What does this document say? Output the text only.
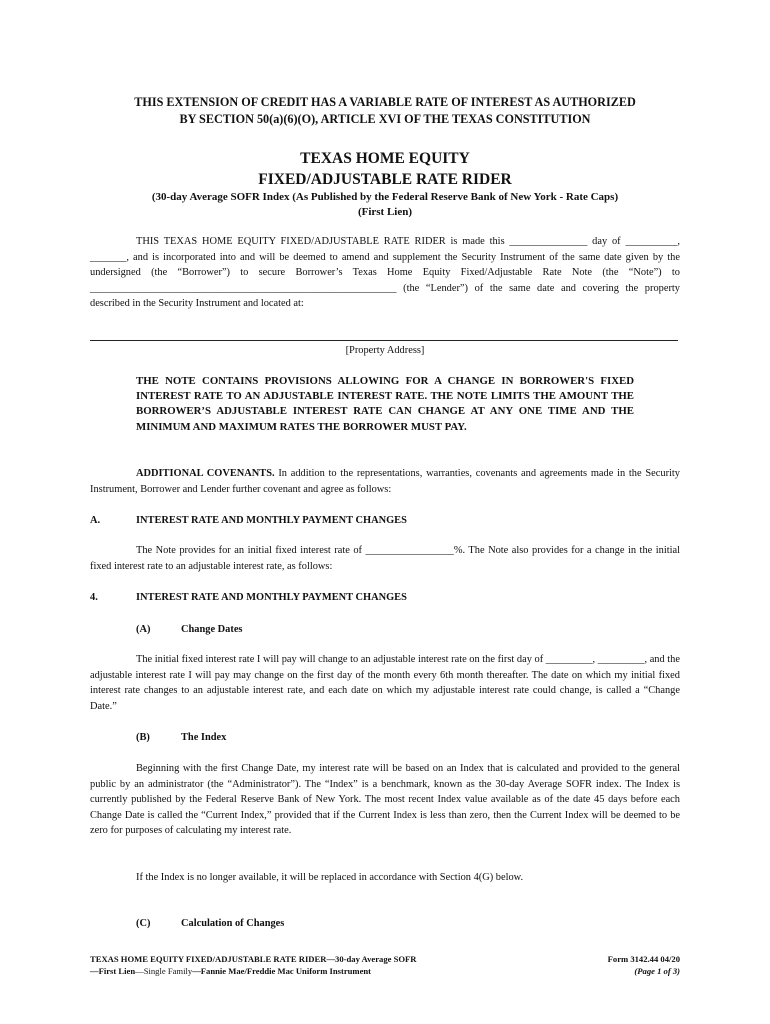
THIS EXTENSION OF CREDIT HAS A VARIABLE RATE OF INTEREST AS AUTHORIZED
BY SECTION 50(a)(6)(O), ARTICLE XVI OF THE TEXAS CONSTITUTION
TEXAS HOME EQUITY
FIXED/ADJUSTABLE RATE RIDER
(30-day Average SOFR Index (As Published by the Federal Reserve Bank of New York - Rate Caps)
(First Lien)

THIS TEXAS HOME EQUITY FIXED/ADJUSTABLE RATE RIDER is made this _______________ day of __________, _______, and is incorporated into and will be deemed to amend and supplement the Security Instrument of the same date given by the undersigned (the “Borrower”) to secure Borrower’s Texas Home Equity Fixed/Adjustable Rate Note (the “Note”) to ___________________________________________________________ (the “Lender”) of the same date and covering the property described in the Security Instrument and located at:

[Property Address]

THE NOTE CONTAINS PROVISIONS ALLOWING FOR A CHANGE IN BORROWER'S FIXED INTEREST RATE TO AN ADJUSTABLE INTEREST RATE. THE NOTE LIMITS THE AMOUNT THE BORROWER’S ADJUSTABLE INTEREST RATE CAN CHANGE AT ANY ONE TIME AND THE MINIMUM AND MAXIMUM RATES THE BORROWER MUST PAY.

ADDITIONAL COVENANTS. In addition to the representations, warranties, covenants and agreements made in the Security Instrument, Borrower and Lender further covenant and agree as follows:

A.	INTEREST RATE AND MONTHLY PAYMENT CHANGES

The Note provides for an initial fixed interest rate of _________________%. The Note also provides for a change in the initial fixed interest rate to an adjustable interest rate, as follows:

4.	INTEREST RATE AND MONTHLY PAYMENT CHANGES
(A)	Change Dates

The initial fixed interest rate I will pay will change to an adjustable interest rate on the first day of _________, _________, and the adjustable interest rate I will pay may change on the first day of the month every 6th month thereafter. The date on which my initial fixed interest rate changes to an adjustable interest rate, and each date on which my adjustable interest rate could change, is called a “Change Date.”

(B)	The Index

Beginning with the first Change Date, my interest rate will be based on an Index that is calculated and provided to the general public by an administrator (the “Administrator”). The “Index” is a benchmark, known as the 30-day Average SOFR index. The Index is currently published by the Federal Reserve Bank of New York. The most recent Index value available as of the date 45 days before each Change Date is called the “Current Index,” provided that if the Current Index is less than zero, then the Current Index will be deemed to be zero for purposes of calculating my interest rate.

If the Index is no longer available, it will be replaced in accordance with Section 4(G) below.

(C)	Calculation of Changes
TEXAS HOME EQUITY FIXED/ADJUSTABLE RATE RIDER—30-day Average SOFR
—First Lien—Single Family—Fannie Mae/Freddie Mac Uniform Instrument
Form 3142.44 04/20
(Page 1 of 3)
